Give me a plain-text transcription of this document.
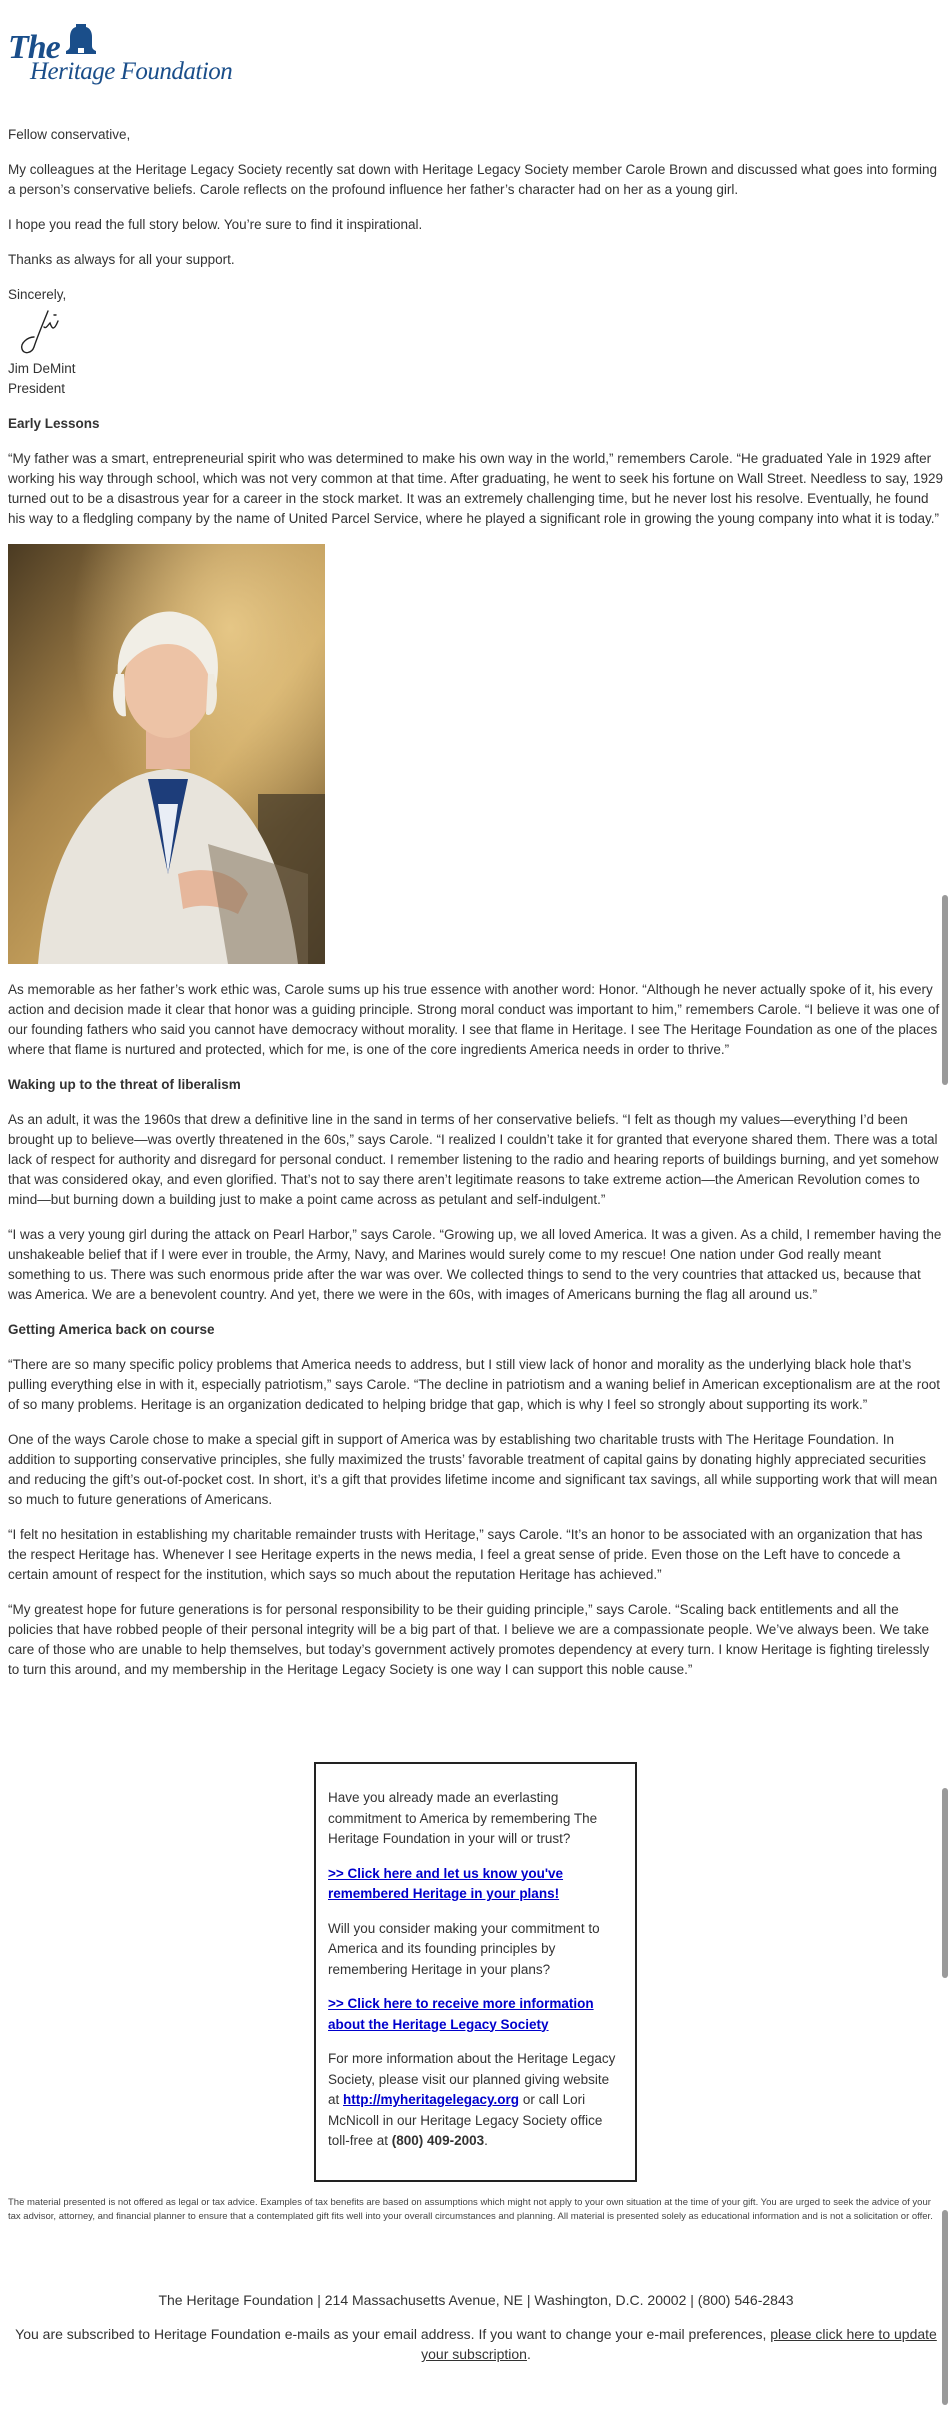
The
Heritage Foundation

Fellow conservative,

My colleagues at the Heritage Legacy Society recently sat down with Heritage Legacy Society member Carole Brown and discussed what goes into forming a person’s conservative beliefs. Carole reflects on the profound influence her father’s character had on her as a young girl.

I hope you read the full story below. You’re sure to find it inspirational.

Thanks as always for all your support.

Sincerely,
Jim DeMint
President
Early Lessons

“My father was a smart, entrepreneurial spirit who was determined to make his own way in the world,” remembers Carole. “He graduated Yale in 1929 after working his way through school, which was not very common at that time. After graduating, he went to seek his fortune on Wall Street. Needless to say, 1929 turned out to be a disastrous year for a career in the stock market. It was an extremely challenging time, but he never lost his resolve. Eventually, he found his way to a fledgling company by the name of United Parcel Service, where he played a significant role in growing the young company into what it is today.”

As memorable as her father’s work ethic was, Carole sums up his true essence with another word: Honor. “Although he never actually spoke of it, his every action and decision made it clear that honor was a guiding principle. Strong moral conduct was important to him,” remembers Carole. “I believe it was one of our founding fathers who said you cannot have democracy without morality. I see that flame in Heritage. I see The Heritage Foundation as one of the places where that flame is nurtured and protected, which for me, is one of the core ingredients America needs in order to thrive.”

Waking up to the threat of liberalism

As an adult, it was the 1960s that drew a definitive line in the sand in terms of her conservative beliefs. “I felt as though my values—everything I’d been brought up to believe—was overtly threatened in the 60s,” says Carole. “I realized I couldn’t take it for granted that everyone shared them. There was a total lack of respect for authority and disregard for personal conduct. I remember listening to the radio and hearing reports of buildings burning, and yet somehow that was considered okay, and even glorified. That’s not to say there aren’t legitimate reasons to take extreme action—the American Revolution comes to mind—but burning down a building just to make a point came across as petulant and self-indulgent.”

“I was a very young girl during the attack on Pearl Harbor,” says Carole. “Growing up, we all loved America. It was a given. As a child, I remember having the unshakeable belief that if I were ever in trouble, the Army, Navy, and Marines would surely come to my rescue! One nation under God really meant something to us. There was such enormous pride after the war was over. We collected things to send to the very countries that attacked us, because that was America. We are a benevolent country. And yet, there we were in the 60s, with images of Americans burning the flag all around us.”

Getting America back on course

“There are so many specific policy problems that America needs to address, but I still view lack of honor and morality as the underlying black hole that’s pulling everything else in with it, especially patriotism,” says Carole. “The decline in patriotism and a waning belief in American exceptionalism are at the root of so many problems. Heritage is an organization dedicated to helping bridge that gap, which is why I feel so strongly about supporting its work.”

One of the ways Carole chose to make a special gift in support of America was by establishing two charitable trusts with The Heritage Foundation. In addition to supporting conservative principles, she fully maximized the trusts’ favorable treatment of capital gains by donating highly appreciated securities and reducing the gift’s out-of-pocket cost. In short, it’s a gift that provides lifetime income and significant tax savings, all while supporting work that will mean so much to future generations of Americans.

“I felt no hesitation in establishing my charitable remainder trusts with Heritage,” says Carole. “It’s an honor to be associated with an organization that has the respect Heritage has. Whenever I see Heritage experts in the news media, I feel a great sense of pride. Even those on the Left have to concede a certain amount of respect for the institution, which says so much about the reputation Heritage has achieved.”

“My greatest hope for future generations is for personal responsibility to be their guiding principle,” says Carole. “Scaling back entitlements and all the policies that have robbed people of their personal integrity will be a big part of that. I believe we are a compassionate people. We’ve always been. We take care of those who are unable to help themselves, but today’s government actively promotes dependency at every turn. I know Heritage is fighting tirelessly to turn this around, and my membership in the Heritage Legacy Society is one way I can support this noble cause.”

Have you already made an everlasting commitment to America by remembering The Heritage Foundation in your will or trust?

>> Click here and let us know you've remembered Heritage in your plans!

Will you consider making your commitment to America and its founding principles by remembering Heritage in your plans?

>> Click here to receive more information about the Heritage Legacy Society

For more information about the Heritage Legacy Society, please visit our planned giving website at http://myheritagelegacy.org or call Lori McNicoll in our Heritage Legacy Society office toll-free at (800) 409-2003.

The material presented is not offered as legal or tax advice. Examples of tax benefits are based on assumptions which might not apply to your own situation at the time of your gift. You are urged to seek the advice of your tax advisor, attorney, and financial planner to ensure that a contemplated gift fits well into your overall circumstances and planning. All material is presented solely as educational information and is not a solicitation or offer.
The Heritage Foundation | 214 Massachusetts Avenue, NE | Washington, D.C. 20002 | (800) 546-2843
You are subscribed to Heritage Foundation e-mails as your email address. If you want to change your e-mail preferences, please click here to update your subscription.
